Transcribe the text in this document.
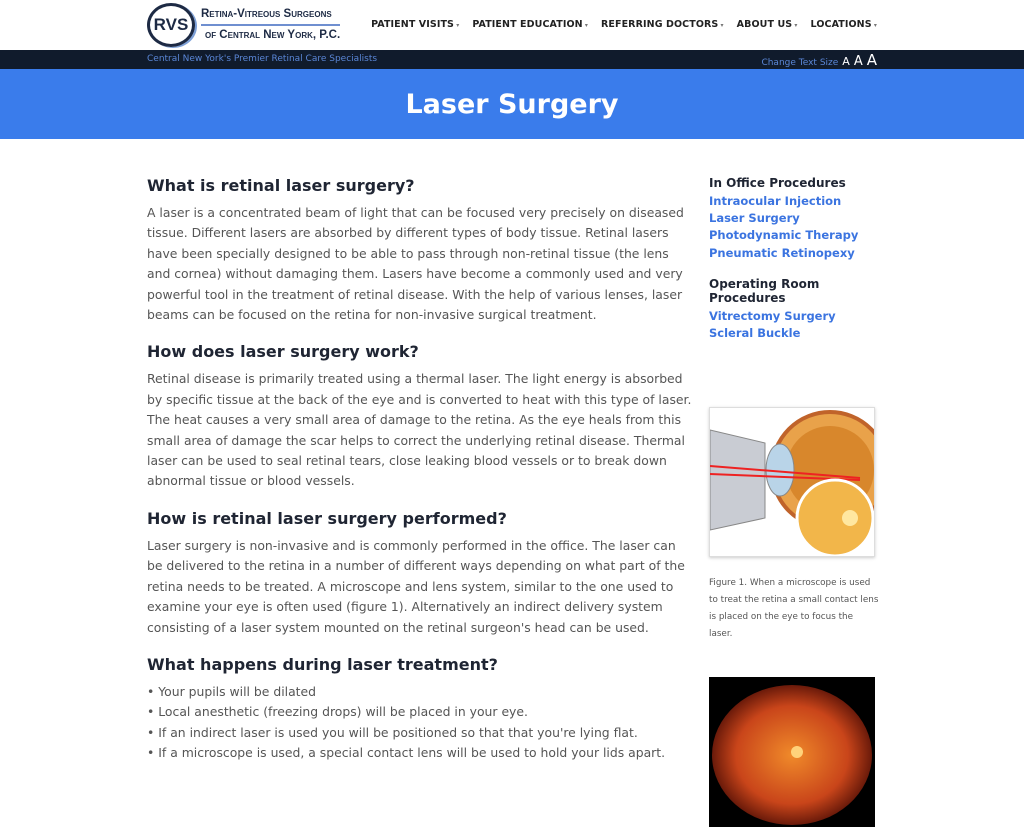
RVS
Retina-Vitreous Surgeons
of Central New York, P.C.
PATIENT VISITS ▾	PATIENT EDUCATION ▾	REFERRING DOCTORS ▾	ABOUT US ▾	LOCATIONS ▾
Central New York's Premier Retinal Care Specialists	Change Text Size A A A
Laser Surgery
What is retinal laser surgery?

A laser is a concentrated beam of light that can be focused very precisely on diseased tissue. Different lasers are absorbed by different types of body tissue. Retinal lasers have been specially designed to be able to pass through non-retinal tissue (the lens and cornea) without damaging them. Lasers have become a commonly used and very powerful tool in the treatment of retinal disease. With the help of various lenses, laser beams can be focused on the retina for non-invasive surgical treatment.

How does laser surgery work?

Retinal disease is primarily treated using a thermal laser. The light energy is absorbed by specific tissue at the back of the eye and is converted to heat with this type of laser. The heat causes a very small area of damage to the retina. As the eye heals from this small area of damage the scar helps to correct the underlying retinal disease. Thermal laser can be used to seal retinal tears, close leaking blood vessels or to break down abnormal tissue or blood vessels.

How is retinal laser surgery performed?

Laser surgery is non-invasive and is commonly performed in the office. The laser can be delivered to the retina in a number of different ways depending on what part of the retina needs to be treated. A microscope and lens system, similar to the one used to examine your eye is often used (figure 1). Alternatively an indirect delivery system consisting of a laser system mounted on the retinal surgeon's head can be used.

What happens during laser treatment?
• Your pupils will be dilated
• Local anesthetic (freezing drops) will be placed in your eye.
• If an indirect laser is used you will be positioned so that that you're lying flat.
• If a microscope is used, a special contact lens will be used to hold your lids apart.
In Office Procedures
Intraocular Injection
Laser Surgery
Photodynamic Therapy
Pneumatic Retinopexy
Operating Room Procedures
Vitrectomy Surgery
Scleral Buckle
Figure 1. When a microscope is used to treat the retina a small contact lens is placed on the eye to focus the laser.
